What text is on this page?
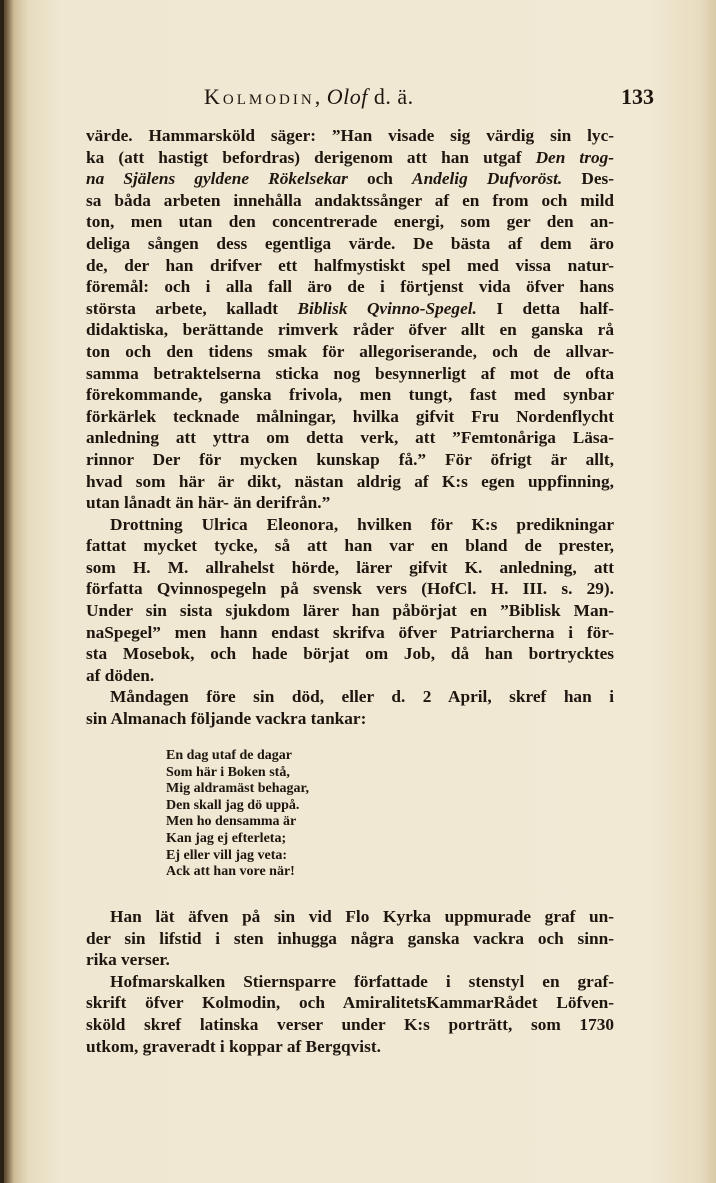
Kolmodin, Olof d. ä.	133
värde. Hammarsköld säger: ”Han visade sig värdig sin lyc-
ka (att hastigt befordras) derigenom att han utgaf Den trog-
na Själens gyldene Rökelsekar och Andelig Dufvoröst. Des-
sa båda arbeten innehålla andaktssånger af en from och mild
ton, men utan den concentrerade energi, som ger den an-
deliga sången dess egentliga värde. De bästa af dem äro
de, der han drifver ett halfmystiskt spel med vissa natur-
föremål: och i alla fall äro de i förtjenst vida öfver hans
största arbete, kalladt Biblisk Qvinno-Spegel. I detta half-
didaktiska, berättande rimverk råder öfver allt en ganska rå
ton och den tidens smak för allegoriserande, och de allvar-
samma betraktelserna sticka nog besynnerligt af mot de ofta
förekommande, ganska frivola, men tungt, fast med synbar
förkärlek tecknade målningar, hvilka gifvit Fru Nordenflycht
anledning att yttra om detta verk, att ”Femtonåriga Läsa-
rinnor Der för mycken kunskap få.” För öfrigt är allt,
hvad som här är dikt, nästan aldrig af K:s egen uppfinning,
utan lånadt än här- än derifrån.”
Drottning Ulrica Eleonora, hvilken för K:s predikningar
fattat mycket tycke, så att han var en bland de prester,
som H. M. allrahelst hörde, lärer gifvit K. anledning, att
författa Qvinnospegeln på svensk vers (HofCl. H. III. s. 29).
Under sin sista sjukdom lärer han påbörjat en ”Biblisk Man-
naSpegel” men hann endast skrifva öfver Patriarcherna i för-
sta Mosebok, och hade börjat om Job, då han bortrycktes
af döden.
Måndagen före sin död, eller d. 2 April, skref han i
sin Almanach följande vackra tankar:
En dag utaf de dagar
Som här i Boken stå,
Mig aldramäst behagar,
Den skall jag dö uppå.
Men ho densamma är
Kan jag ej efterleta;
Ej eller vill jag veta:
Ack att han vore när!
Han lät äfven på sin vid Flo Kyrka uppmurade graf un-
der sin lifstid i sten inhugga några ganska vackra och sinn-
rika verser.
Hofmarskalken Stiernsparre författade i stenstyl en graf-
skrift öfver Kolmodin, och AmiralitetsKammarRådet Löfven-
sköld skref latinska verser under K:s porträtt, som 1730
utkom, graveradt i koppar af Bergqvist.
